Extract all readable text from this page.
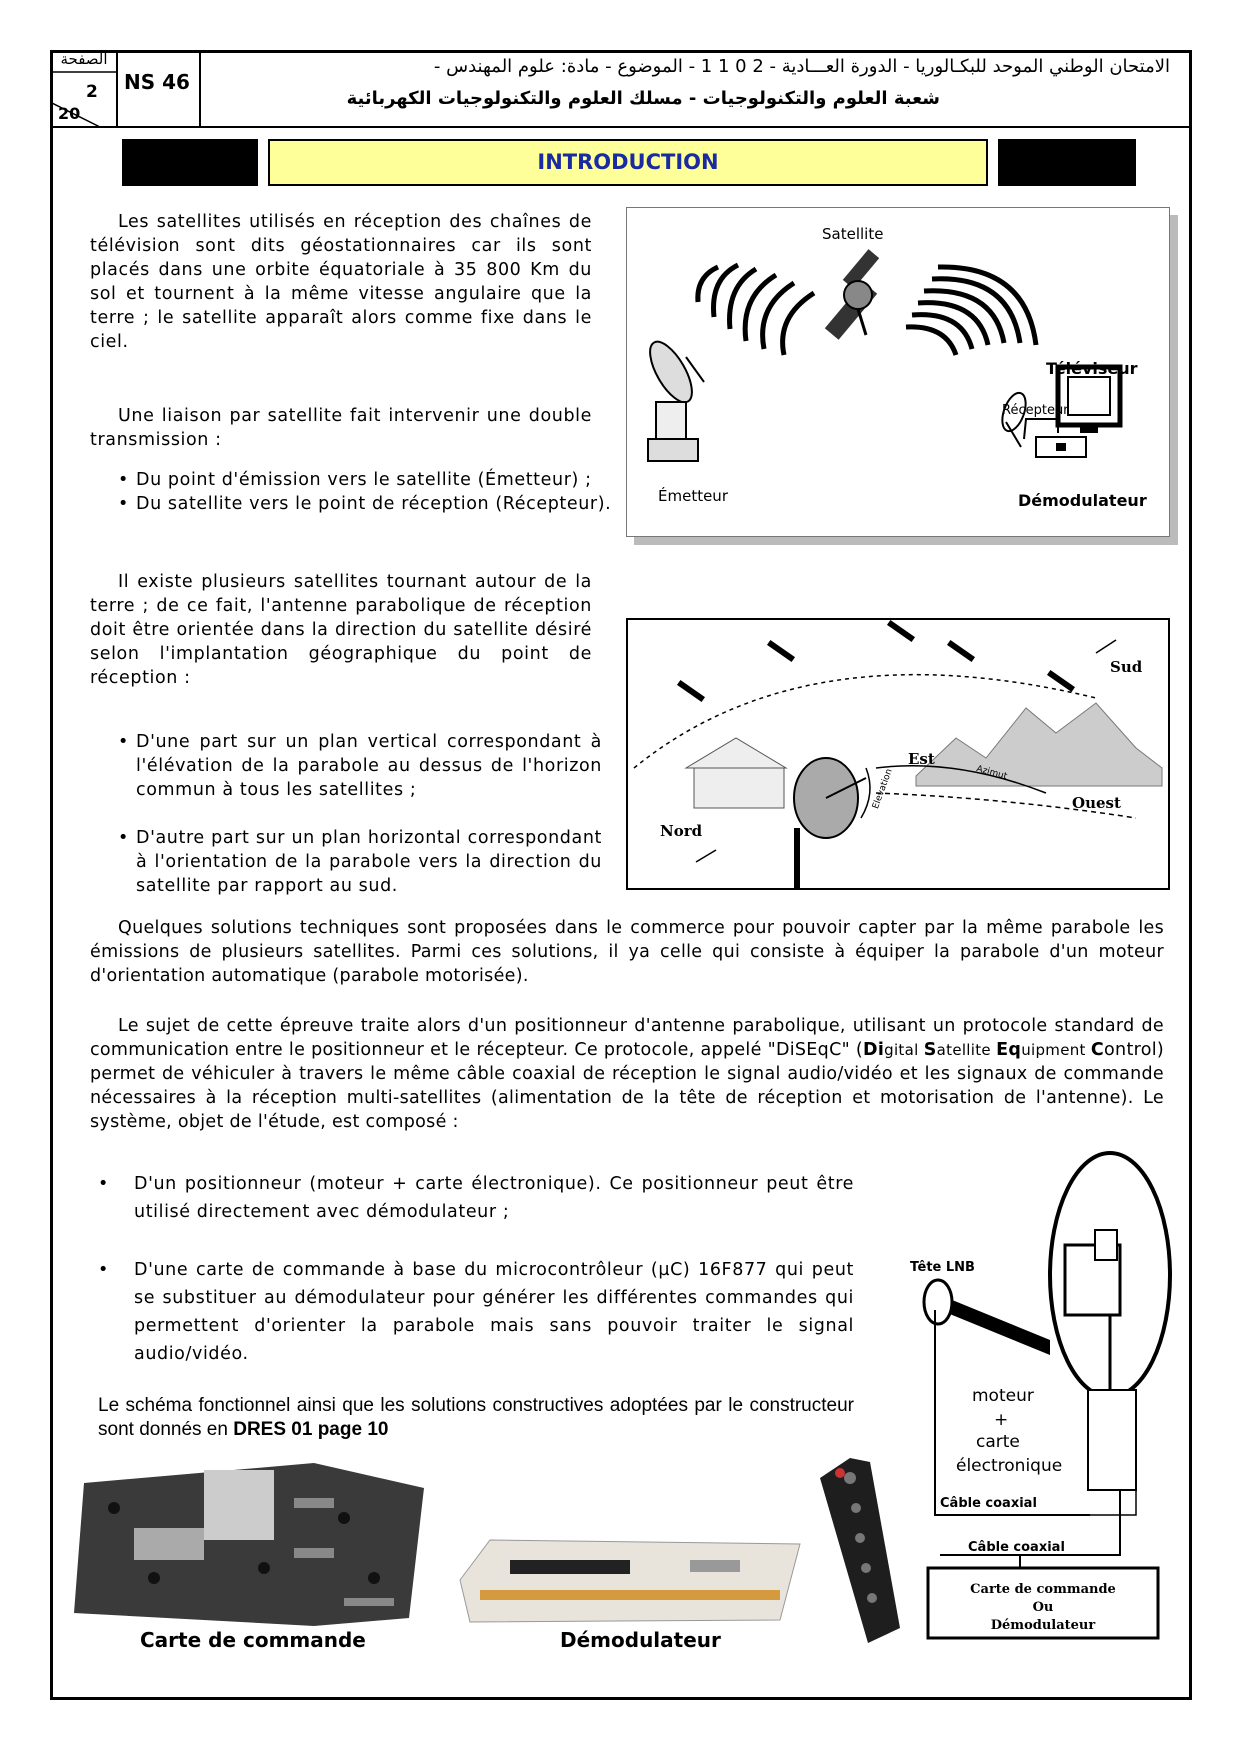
الصفحة
2
20
NS 46
الامتحان الوطني الموحد للبكـالوريا - الدورة العـــادية - 2 0 1 1 - الموضوع - مادة: علوم المهندس -
شعبة العلوم والتكنولوجيات - مسلك العلوم والتكنولوجيات الكهربائية
INTRODUCTION
Les satellites utilisés en réception des chaînes de télévision sont dits géostationnaires car ils sont placés dans une orbite équatoriale à 35 800 Km du sol et tournent à la même vitesse angulaire que la terre ; le satellite apparaît alors comme fixe dans le ciel.
Une liaison par satellite fait intervenir une double transmission :
• Du point d'émission vers le satellite (Émetteur) ;
• Du satellite vers le point de réception (Récepteur).
Satellite
Téléviseur
Récepteur
Émetteur	Démodulateur
Il existe plusieurs satellites tournant autour de la terre ; de ce fait, l'antenne parabolique de réception doit être orientée dans la direction du satellite désiré selon l'implantation géographique du point de réception :
• D'une part sur un plan vertical correspondant à l'élévation de la parabole au dessus de l'horizon commun à tous les satellites ;
• D'autre part sur un plan horizontal correspondant à l'orientation de la parabole vers la direction du satellite par rapport au sud.
Sud
Est
Azimut
Elevation	Ouest
Nord
Quelques solutions techniques sont proposées dans le commerce pour pouvoir capter par la même parabole les émissions de plusieurs satellites. Parmi ces solutions, il ya celle qui consiste à équiper la parabole d'un moteur d'orientation automatique (parabole motorisée).
Le sujet de cette épreuve traite alors d'un positionneur d'antenne parabolique, utilisant un protocole standard de communication entre le positionneur et le récepteur. Ce protocole, appelé "DiSEqC" (Digital Satellite Equipment Control) permet de véhiculer à travers le même câble coaxial de réception le signal audio/vidéo et les signaux de commande nécessaires à la réception multi-satellites (alimentation de la tête de réception et motorisation de l'antenne). Le système, objet de l'étude, est composé :
•	D'un positionneur (moteur + carte électronique). Ce positionneur peut être utilisé directement avec démodulateur ;
•	D'une carte de commande à base du microcontrôleur (µC) 16F877 qui peut se substituer au démodulateur pour générer les différentes commandes qui permettent d'orienter la parabole mais sans pouvoir traiter le signal audio/vidéo.
Le schéma fonctionnel ainsi que les solutions constructives adoptées par le constructeur sont donnés en DRES 01 page 10
Tête LNB
moteur
+
carte
électronique
Câble coaxial
Câble coaxial
Carte de commande
Ou
Démodulateur
Carte de commande	Démodulateur
